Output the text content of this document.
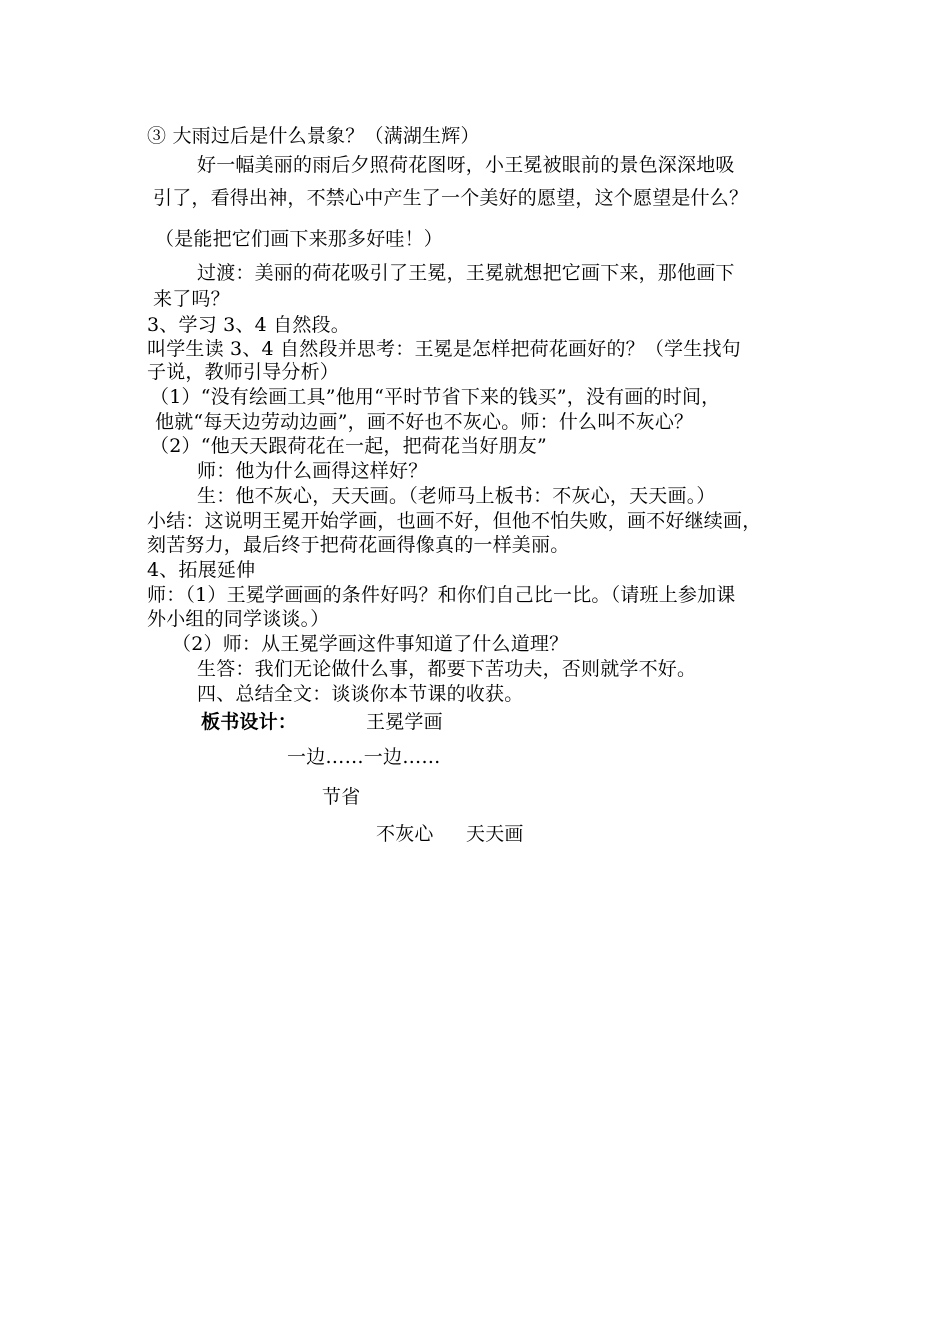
③ 大雨过后是什么景象？（满湖生辉）
好一幅美丽的雨后夕照荷花图呀，小王冕被眼前的景色深深地吸
引了，看得出神，不禁心中产生了一个美好的愿望，这个愿望是什么？
（是能把它们画下来那多好哇！）
过渡：美丽的荷花吸引了王冕，王冕就想把它画下来，那他画下
来了吗？
3、学习 3、4 自然段。
叫学生读 3、4 自然段并思考：王冕是怎样把荷花画好的？（学生找句
子说，教师引导分析）
（1）“没有绘画工具”他用“平时节省下来的钱买”，没有画的时间，
他就“每天边劳动边画”，画不好也不灰心。师：什么叫不灰心？
（2）“他天天跟荷花在一起，把荷花当好朋友”
师：他为什么画得这样好？
生：他不灰心，天天画。（老师马上板书：不灰心，天天画。）
小结：这说明王冕开始学画，也画不好，但他不怕失败，画不好继续画，
刻苦努力，最后终于把荷花画得像真的一样美丽。
4、拓展延伸
师：（1）王冕学画画的条件好吗？和你们自己比一比。（请班上参加课
外小组的同学谈谈。）
（2）师：从王冕学画这件事知道了什么道理？
生答：我们无论做什么事，都要下苦功夫，否则就学不好。
四、总结全文：谈谈你本节课的收获。
板书设计：	王冕学画
一边……一边……
节省
不灰心 天天画
